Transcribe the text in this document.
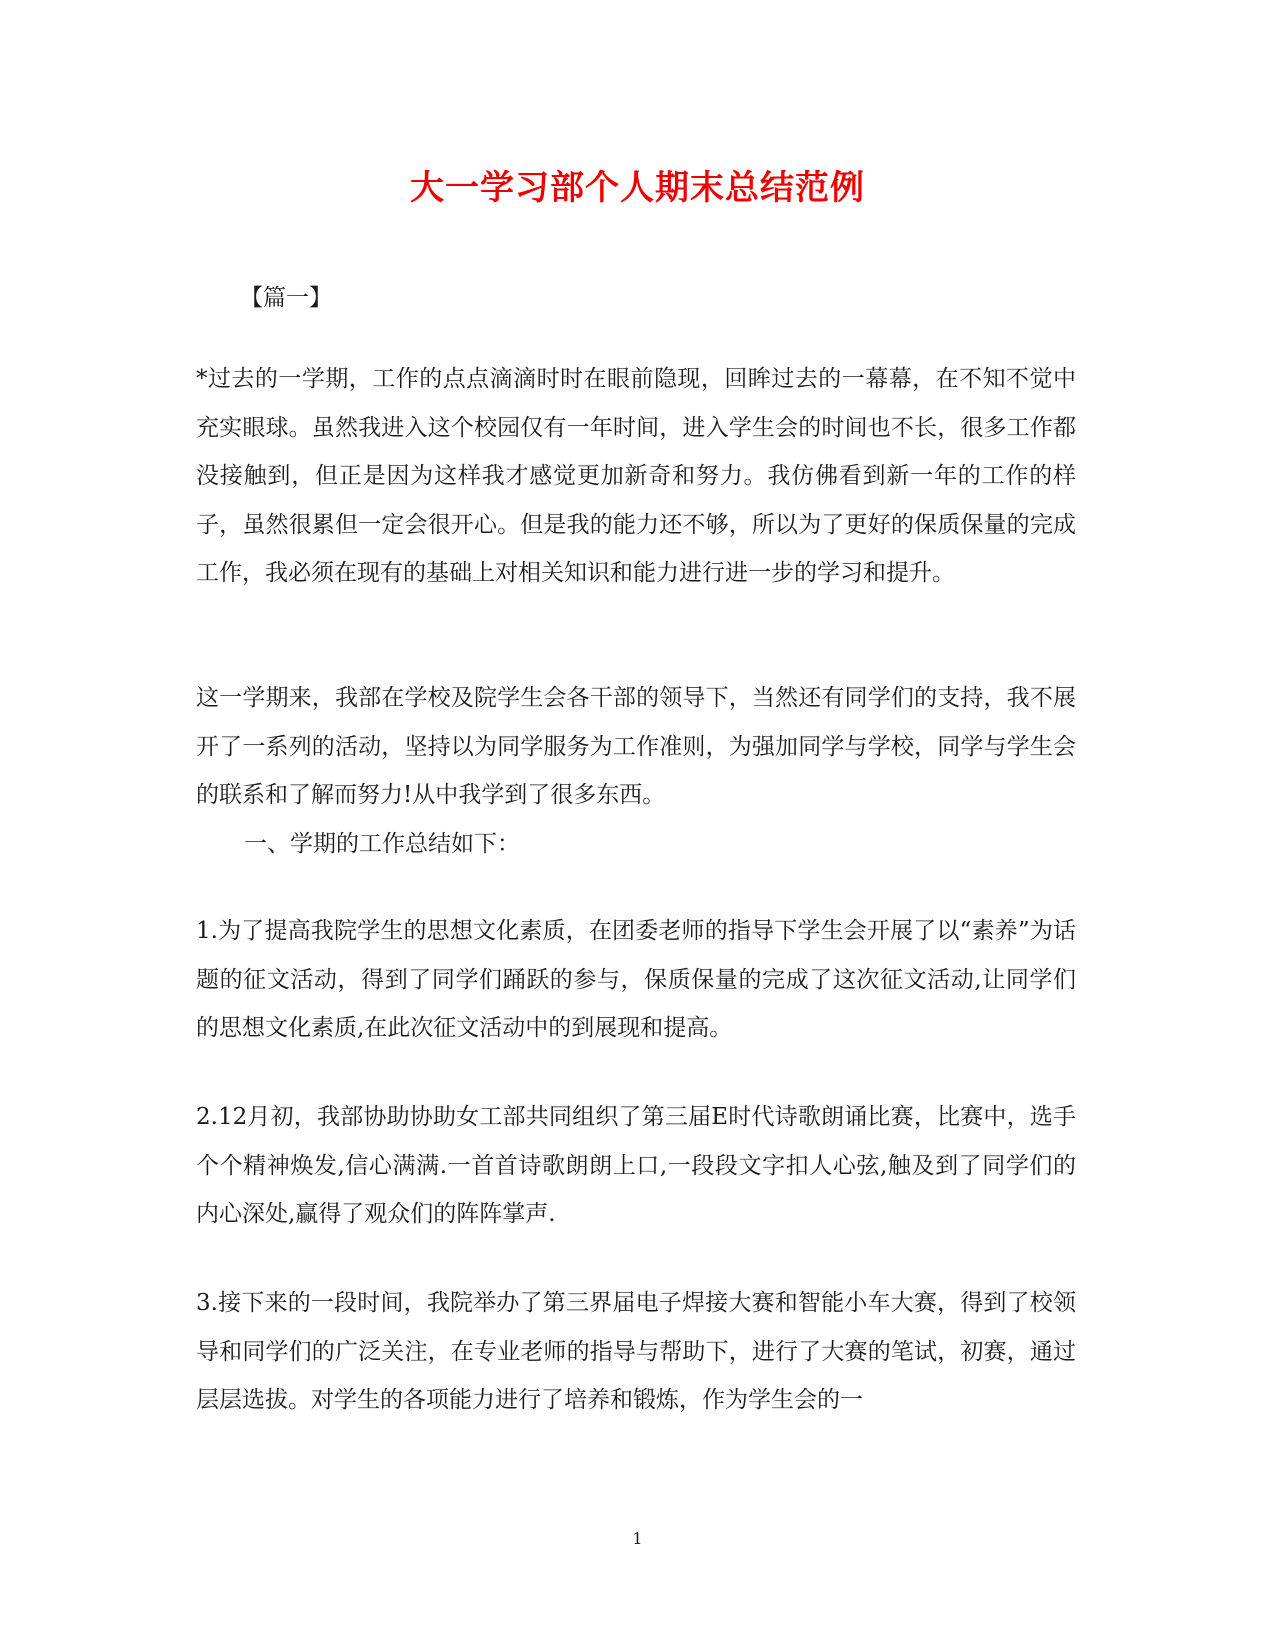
大一学习部个人期末总结范例
【篇一】

*过去的一学期，工作的点点滴滴时时在眼前隐现，回眸过去的一幕幕，在不知不觉中充实眼球。虽然我进入这个校园仅有一年时间，进入学生会的时间也不长，很多工作都没接触到，但正是因为这样我才感觉更加新奇和努力。我仿佛看到新一年的工作的样子，虽然很累但一定会很开心。但是我的能力还不够，所以为了更好的保质保量的完成工作，我必须在现有的基础上对相关知识和能力进行进一步的学习和提升。

这一学期来，我部在学校及院学生会各干部的领导下，当然还有同学们的支持，我不展开了一系列的活动，坚持以为同学服务为工作准则，为强加同学与学校，同学与学生会的联系和了解而努力!从中我学到了很多东西。

一、学期的工作总结如下：

1.为了提高我院学生的思想文化素质，在团委老师的指导下学生会开展了以“素养”为话题的征文活动，得到了同学们踊跃的参与，保质保量的完成了这次征文活动,让同学们的思想文化素质,在此次征文活动中的到展现和提高。

2.12月初，我部协助协助女工部共同组织了第三届E时代诗歌朗诵比赛，比赛中，选手个个精神焕发,信心满满.一首首诗歌朗朗上口,一段段文字扣人心弦,触及到了同学们的内心深处,赢得了观众们的阵阵掌声.

3.接下来的一段时间，我院举办了第三界届电子焊接大赛和智能小车大赛，得到了校领导和同学们的广泛关注，在专业老师的指导与帮助下，进行了大赛的笔试，初赛，通过层层选拔。对学生的各项能力进行了培养和锻炼，作为学生会的一

1
